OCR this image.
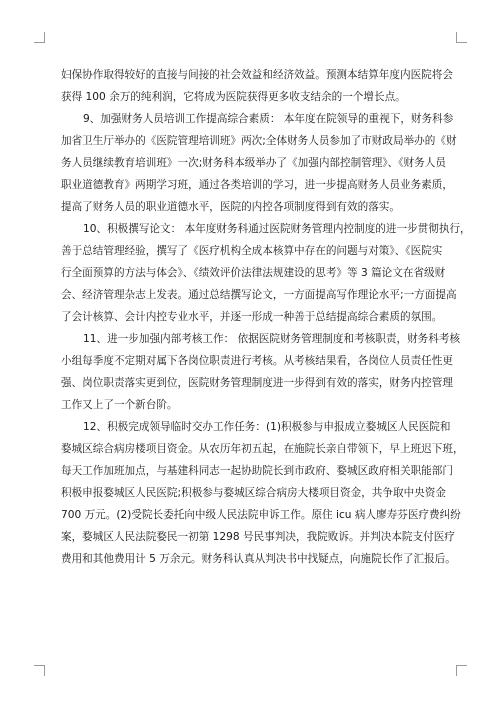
妇保协作取得较好的直接与间接的社会效益和经济效益。预测本结算年度内医院将会
获得 100 余万的纯利润，它将成为医院获得更多收支结余的一个增长点。
9、加强财务人员培训工作提高综合素质： 本年度在院领导的重视下，财务科参
加省卫生厅举办的《医院管理培训班》两次;全体财务人员参加了市财政局举办的《财
务人员继续教育培训班》一次;财务科本级举办了《加强内部控制管理》、《财务人员
职业道德教育》两期学习班，通过各类培训的学习，进一步提高财务人员业务素质，
提高了财务人员的职业道德水平，医院的内控各项制度得到有效的落实。
10、积极撰写论文： 本年度财务科通过医院财务管理内控制度的进一步贯彻执行，
善于总结管理经验，撰写了《医疗机构全成本核算中存在的问题与对策》、《医院实
行全面预算的方法与体会》、《绩效评价法律法规建设的思考》等 3 篇论文在省级财
会、经济管理杂志上发表。通过总结撰写论文，一方面提高写作理论水平;一方面提高
了会计核算、会计内控专业水平，并逐一形成一种善于总结提高综合素质的氛围。
11、进一步加强内部考核工作： 依据医院财务管理制度和考核职责，财务科考核
小组每季度不定期对属下各岗位职责进行考核。从考核结果看，各岗位人员责任性更
强、岗位职责落实更到位，医院财务管理制度进一步得到有效的落实，财务内控管理
工作又上了一个新台阶。
12、积极完成领导临时交办工作任务：(1)积极参与申报成立婺城区人民医院和
婺城区综合病房楼项目资金。从农历年初五起，在施院长亲自带领下，早上班迟下班，
每天工作加班加点，与基建科同志一起协助院长到市政府、婺城区政府相关职能部门
积极申报婺城区人民医院;积极参与婺城区综合病房大楼项目资金，共争取中央资金
700 万元。(2)受院长委托向中级人民法院申诉工作。原住 icu 病人廖寿芬医疗费纠纷
案，婺城区人民法院婺民一初第 1298 号民事判决，我院败诉。并判决本院支付医疗
费用和其他费用计 5 万余元。财务科认真从判决书中找疑点，向施院长作了汇报后。
